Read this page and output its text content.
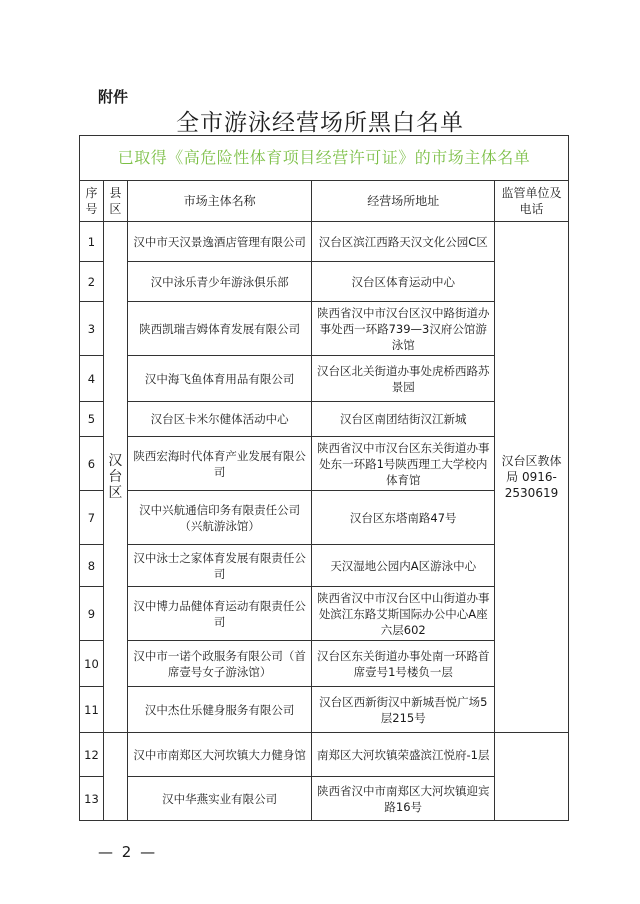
附件
全市游泳经营场所黑白名单
已取得《高危险性体育项目经营许可证》的市场主体名单				
序号	县区	市场主体名称	经营场所地址	监管单位及电话
1	汉台区	汉中市天汉景逸酒店管理有限公司	汉台区滨江西路天汉文化公园C区	汉台区教体局 0916-2530619
2		汉中泳乐青少年游泳俱乐部	汉台区体育运动中心	
3		陕西凯瑞吉姆体育发展有限公司	陕西省汉中市汉台区汉中路街道办事处西一环路739—3汉府公馆游泳馆	
4		汉中海飞鱼体育用品有限公司	汉台区北关街道办事处虎桥西路苏景园	
5		汉台区卡米尔健体活动中心	汉台区南团结街汉江新城	
6		陕西宏海时代体育产业发展有限公司	陕西省汉中市汉台区东关街道办事处东一环路1号陕西理工大学校内体育馆	
7		汉中兴航通信印务有限责任公司（兴航游泳馆）	汉台区东塔南路47号	
8		汉中泳士之家体育发展有限责任公司	天汉湿地公园内A区游泳中心	
9		汉中博力品健体育运动有限责任公司	陕西省汉中市汉台区中山街道办事处滨江东路艾斯国际办公中心A座六层602	
10		汉中市一诺个政服务有限公司（首席壹号女子游泳馆）	汉台区东关街道办事处南一环路首席壹号1号楼负一层	
11		汉中杰仕乐健身服务有限公司	汉台区西新街汉中新城吾悦广场5层215号	
12		汉中市南郑区大河坎镇大力健身馆	南郑区大河坎镇荣盛滨江悦府-1层	
13		汉中华燕实业有限公司	陕西省汉中市南郑区大河坎镇迎宾路16号	
— 2 —
